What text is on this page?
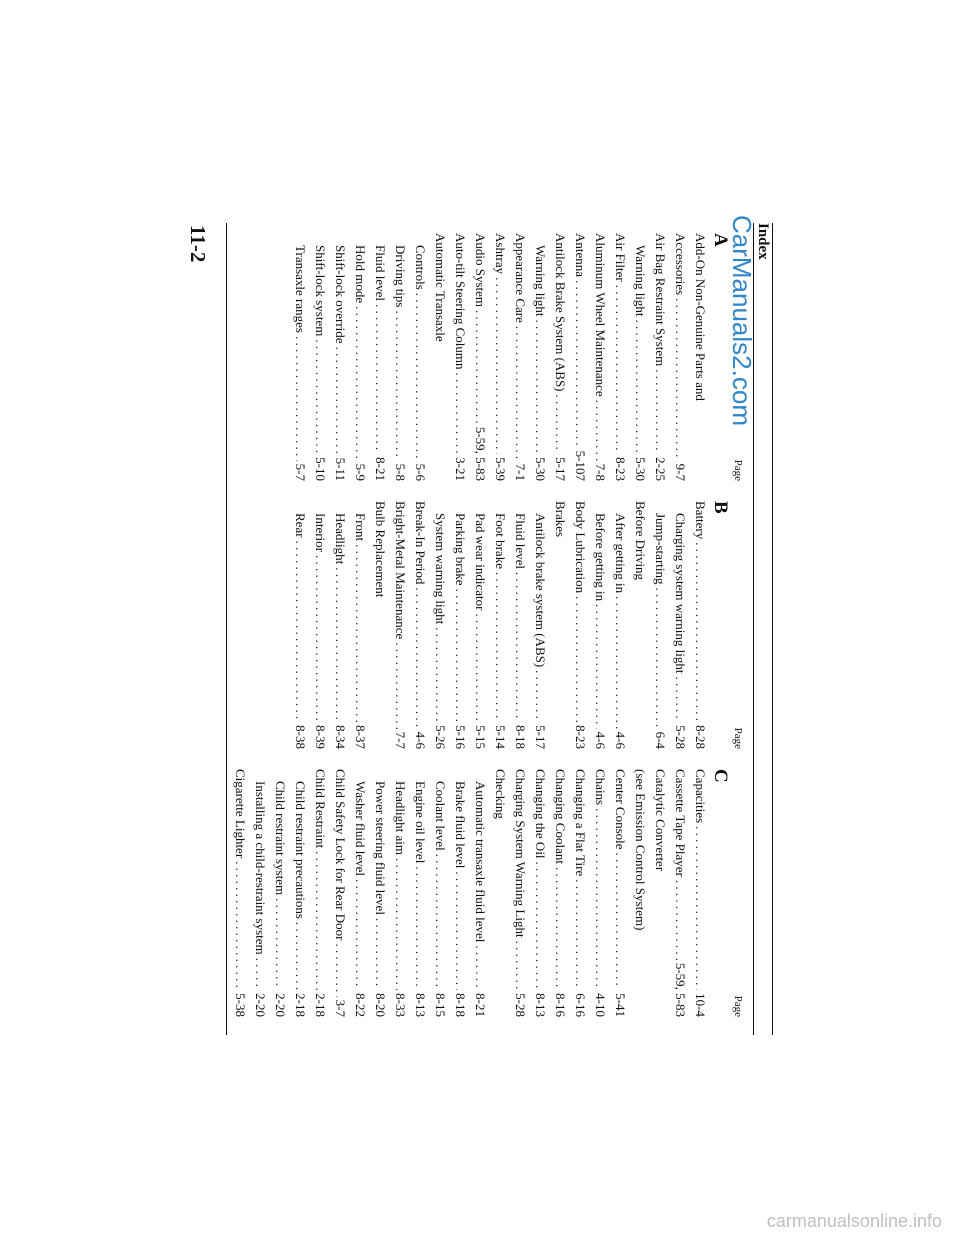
Index
CarManuals2.com
Page
A
Add-On Non-Genuine Parts and
Accessories
. . .
9-7
Air Bag Restraint System
. . .
2-25
Warning light
. . .
5-30
Air Filter
. . .
8-23
Aluminum Wheel Maintenance
. . .
7-8
Antenna
. . .
5-107
Antilock Brake System (ABS)
. . .
5-17
Warning light
. . .
5-30
Appearance Care
. . .
7-1
Ashtray
. . .
5-39
Audio System
. . .
5-59, 5-83
Auto-tilt Steering Column
. . .
3-21
Automatic Transaxle
Controls
. . .
5-6
Driving tips
. . .
5-8
Fluid level
. . .
8-21
Hold mode
. . .
5-9
Shift-lock override
. . .
5-11
Shift-lock system
. . .
5-10
Transaxle ranges
. . .
5-7
Page
B
Battery
. . .
8-28
Charging system warning light
. . .
5-28
Jump-starting
. . .
6-4
Before Driving
After getting in
. . .
4-6
Before getting in
. . .
4-6
Body Lubrication
. . .
8-23
Brakes
Antilock brake system (ABS)
. . .
5-17
Fluid level
. . .
8-18
Foot brake
. . .
5-14
Pad wear indicator
. . .
5-15
Parking brake
. . .
5-16
System warning light
. . .
5-26
Break-In Period
. . .
4-6
Bright-Metal Maintenance
. . .
7-7
Bulb Replacement
Front
. . .
8-37
Headlight
. . .
8-34
Interior
. . .
8-39
Rear
. . .
8-38
Page
C
Capacities
. . .
10-4
Cassette Tape Player
. . .
5-59, 5-83
Catalytic Converter
(see Emission Control System)
Center Console
. . .
5-41
Chains
. . .
4-10
Changing a Flat Tire
. . .
6-16
Changing Coolant
. . .
8-16
Changing the Oil
. . .
8-13
Charging System Warning Light
. . .
5-28
Checking
Automatic transaxle fluid level
. . .
8-21
Brake fluid level
. . .
8-18
Coolant level
. . .
8-15
Engine oil level
. . .
8-13
Headlight aim
. . .
8-33
Power steering fluid level
. . .
8-20
Washer fluid level
. . .
8-22
Child Safety Lock for Rear Door
. . .
3-7
Child Restraint
. . .
2-18
Child restraint precautions
. . .
2-18
Child restraint system
. . .
2-20
Installing a child-restraint system
. . .
2-20
Cigarette Lighter
. . .
5-38
11-2
carmanualsonline.info
